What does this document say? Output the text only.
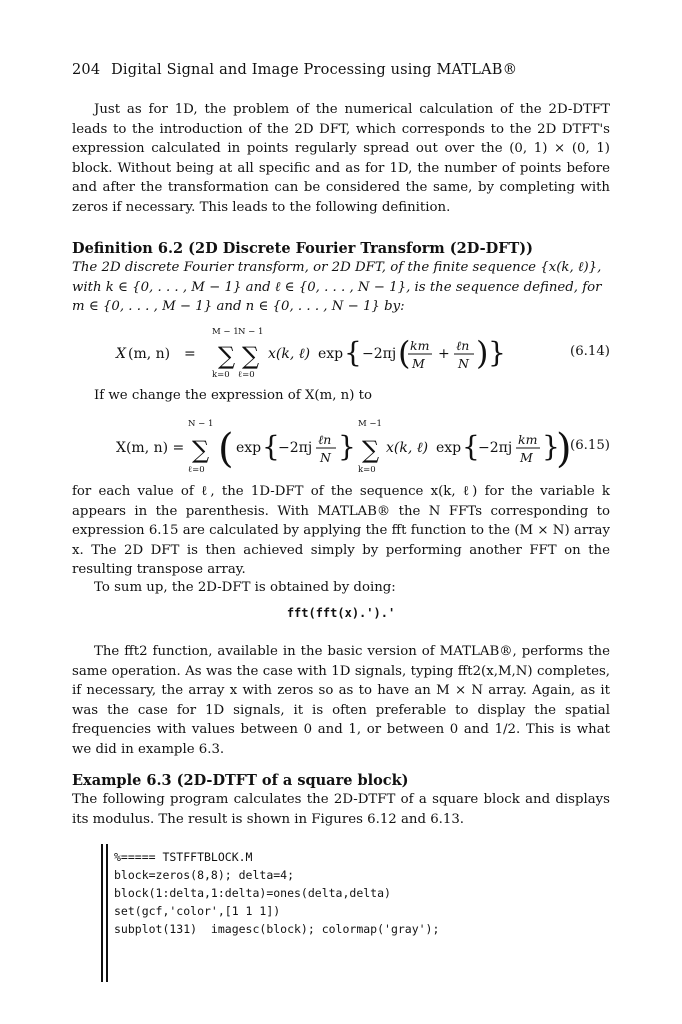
204 Digital Signal and Image Processing using MATLAB®
Just as for 1D, the problem of the numerical calculation of the 2D-DTFT leads to the introduction of the 2D DFT, which corresponds to the 2D DTFT's expression calculated in points regularly spread out over the (0, 1) × (0, 1) block. Without being at all specific and as for 1D, the number of points before and after the transformation can be considered the same, by completing with zeros if necessary. This leads to the following definition.
Definition 6.2 (2D Discrete Fourier Transform (2D-DFT))
The 2D discrete Fourier transform, or 2D DFT, of the finite sequence {x(k, ℓ)}, with k ∈ {0, . . . , M − 1} and ℓ ∈ {0, . . . , N − 1}, is the sequence defined, for m ∈ {0, . . . , M − 1} and n ∈ {0, . . . , N − 1} by:
X (m, n) =
M − 1
∑
k=0
N − 1
∑
ℓ=0
x(k, ℓ) exp { −2πj ( km
M
+
ℓn
N ) }	(6.14)
If we change the expression of X(m, n) to
X(m, n) =
N − 1
∑
ℓ=0 ( exp {
−2πj
ℓn
N }
M −1
∑
k=0
x(k, ℓ) exp {
−2πj
km
M }
)
(6.15)
for each value of ℓ, the 1D-DFT of the sequence x(k, ℓ) for the variable k appears in the parenthesis. With MATLAB® the N FFTs corresponding to expression 6.15 are calculated by applying the fft function to the (M × N) array x. The 2D DFT is then achieved simply by performing another FFT on the resulting transpose array.
To sum up, the 2D-DFT is obtained by doing:
fft(fft(x).').'
The fft2 function, available in the basic version of MATLAB®, performs the same operation. As was the case with 1D signals, typing fft2(x,M,N) completes, if necessary, the array x with zeros so as to have an M × N array. Again, as it was the case for 1D signals, it is often preferable to display the spatial frequencies with values between 0 and 1, or between 0 and 1/2. This is what we did in example 6.3.
Example 6.3 (2D-DTFT of a square block)
The following program calculates the 2D-DTFT of a square block and displays its modulus. The result is shown in Figures 6.12 and 6.13.
%===== TSTFFTBLOCK.M
block=zeros(8,8); delta=4;
block(1:delta,1:delta)=ones(delta,delta)
set(gcf,'color',[1 1 1])
subplot(131)  imagesc(block); colormap('gray');
